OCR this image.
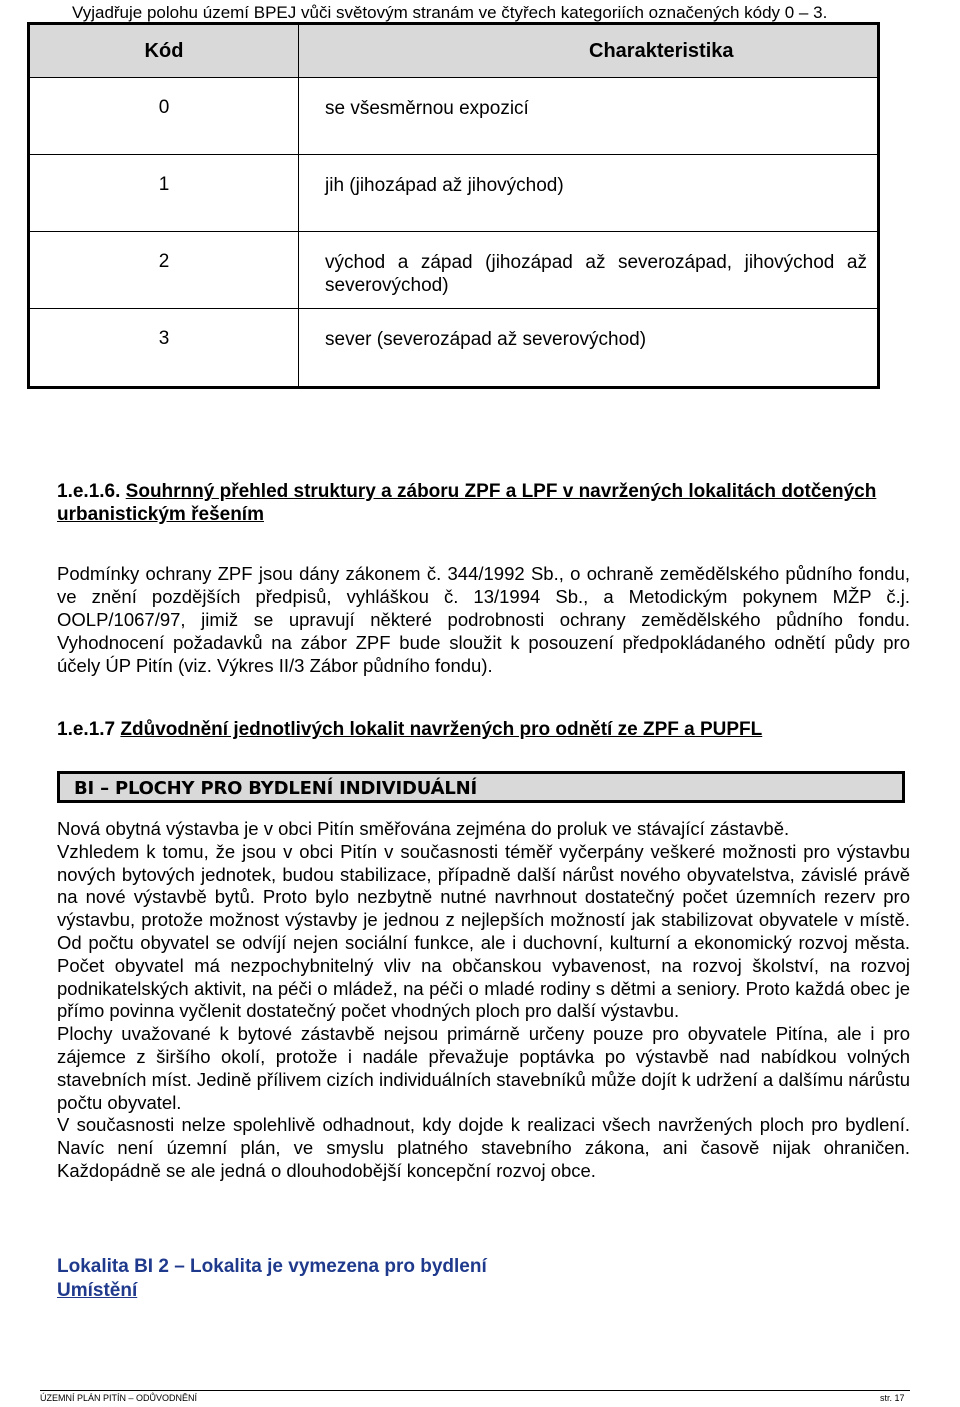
Vyjadřuje polohu území BPEJ vůči světovým stranám ve čtyřech kategoriích označených kódy 0 – 3.
Kód	Charakteristika
0	se všesměrnou expozicí
1	jih (jihozápad až jihovýchod)
2	východ a západ (jihozápad až severozápad, jihovýchod až severovýchod)
3	sever (severozápad až severovýchod)
1.e.1.6. Souhrnný přehled struktury a záboru ZPF a LPF v navržených lokalitách dotčených urbanistickým řešením
Podmínky ochrany ZPF jsou dány zákonem č. 344/1992 Sb., o ochraně zemědělského půdního fondu, ve znění pozdějších předpisů, vyhláškou č. 13/1994 Sb., a Metodickým pokynem MŽP č.j. OOLP/1067/97, jimiž se upravují některé podrobnosti ochrany zemědělského půdního fondu. Vyhodnocení požadavků na zábor ZPF bude sloužit k posouzení předpokládaného odnětí půdy pro účely ÚP Pitín (viz. Výkres II/3 Zábor půdního fondu).
1.e.1.7 Zdůvodnění jednotlivých lokalit navržených pro odnětí ze ZPF a PUPFL
BI – PLOCHY PRO BYDLENÍ INDIVIDUÁLNÍ

Nová obytná výstavba je v obci Pitín směřována zejména do proluk ve stávající zástavbě.

Vzhledem k tomu, že jsou v obci Pitín v současnosti téměř vyčerpány veškeré možnosti pro výstavbu nových bytových jednotek, budou stabilizace, případně další nárůst nového obyvatelstva, závislé právě na nové výstavbě bytů. Proto bylo nezbytně nutné navrhnout dostatečný počet územních rezerv pro výstavbu, protože možnost výstavby je jednou z nejlepších možností jak stabilizovat obyvatele v místě. Od počtu obyvatel se odvíjí nejen sociální funkce, ale i duchovní, kulturní a ekonomický rozvoj města. Počet obyvatel má nezpochybnitelný vliv na občanskou vybavenost, na rozvoj školství, na rozvoj podnikatelských aktivit, na péči o mládež, na péči o mladé rodiny s dětmi a seniory. Proto každá obec je přímo povinna vyčlenit dostatečný počet vhodných ploch pro další výstavbu.

Plochy uvažované k bytové zástavbě nejsou primárně určeny pouze pro obyvatele Pitína, ale i pro zájemce z širšího okolí, protože i nadále převažuje poptávka po výstavbě nad nabídkou volných stavebních míst. Jedině přílivem cizích individuálních stavebníků může dojít k udržení a dalšímu nárůstu počtu obyvatel.

V současnosti nelze spolehlivě odhadnout, kdy dojde k realizaci všech navržených ploch pro bydlení. Navíc není územní plán, ve smyslu platného stavebního zákona, ani časově nijak ohraničen. Každopádně se ale jedná o dlouhodobější koncepční rozvoj obce.

Lokalita BI 2 – Lokalita je vymezena pro bydlení
Umístění
ÚZEMNÍ PLÁN PITÍN – ODŮVODNĚNÍ	str. 17
